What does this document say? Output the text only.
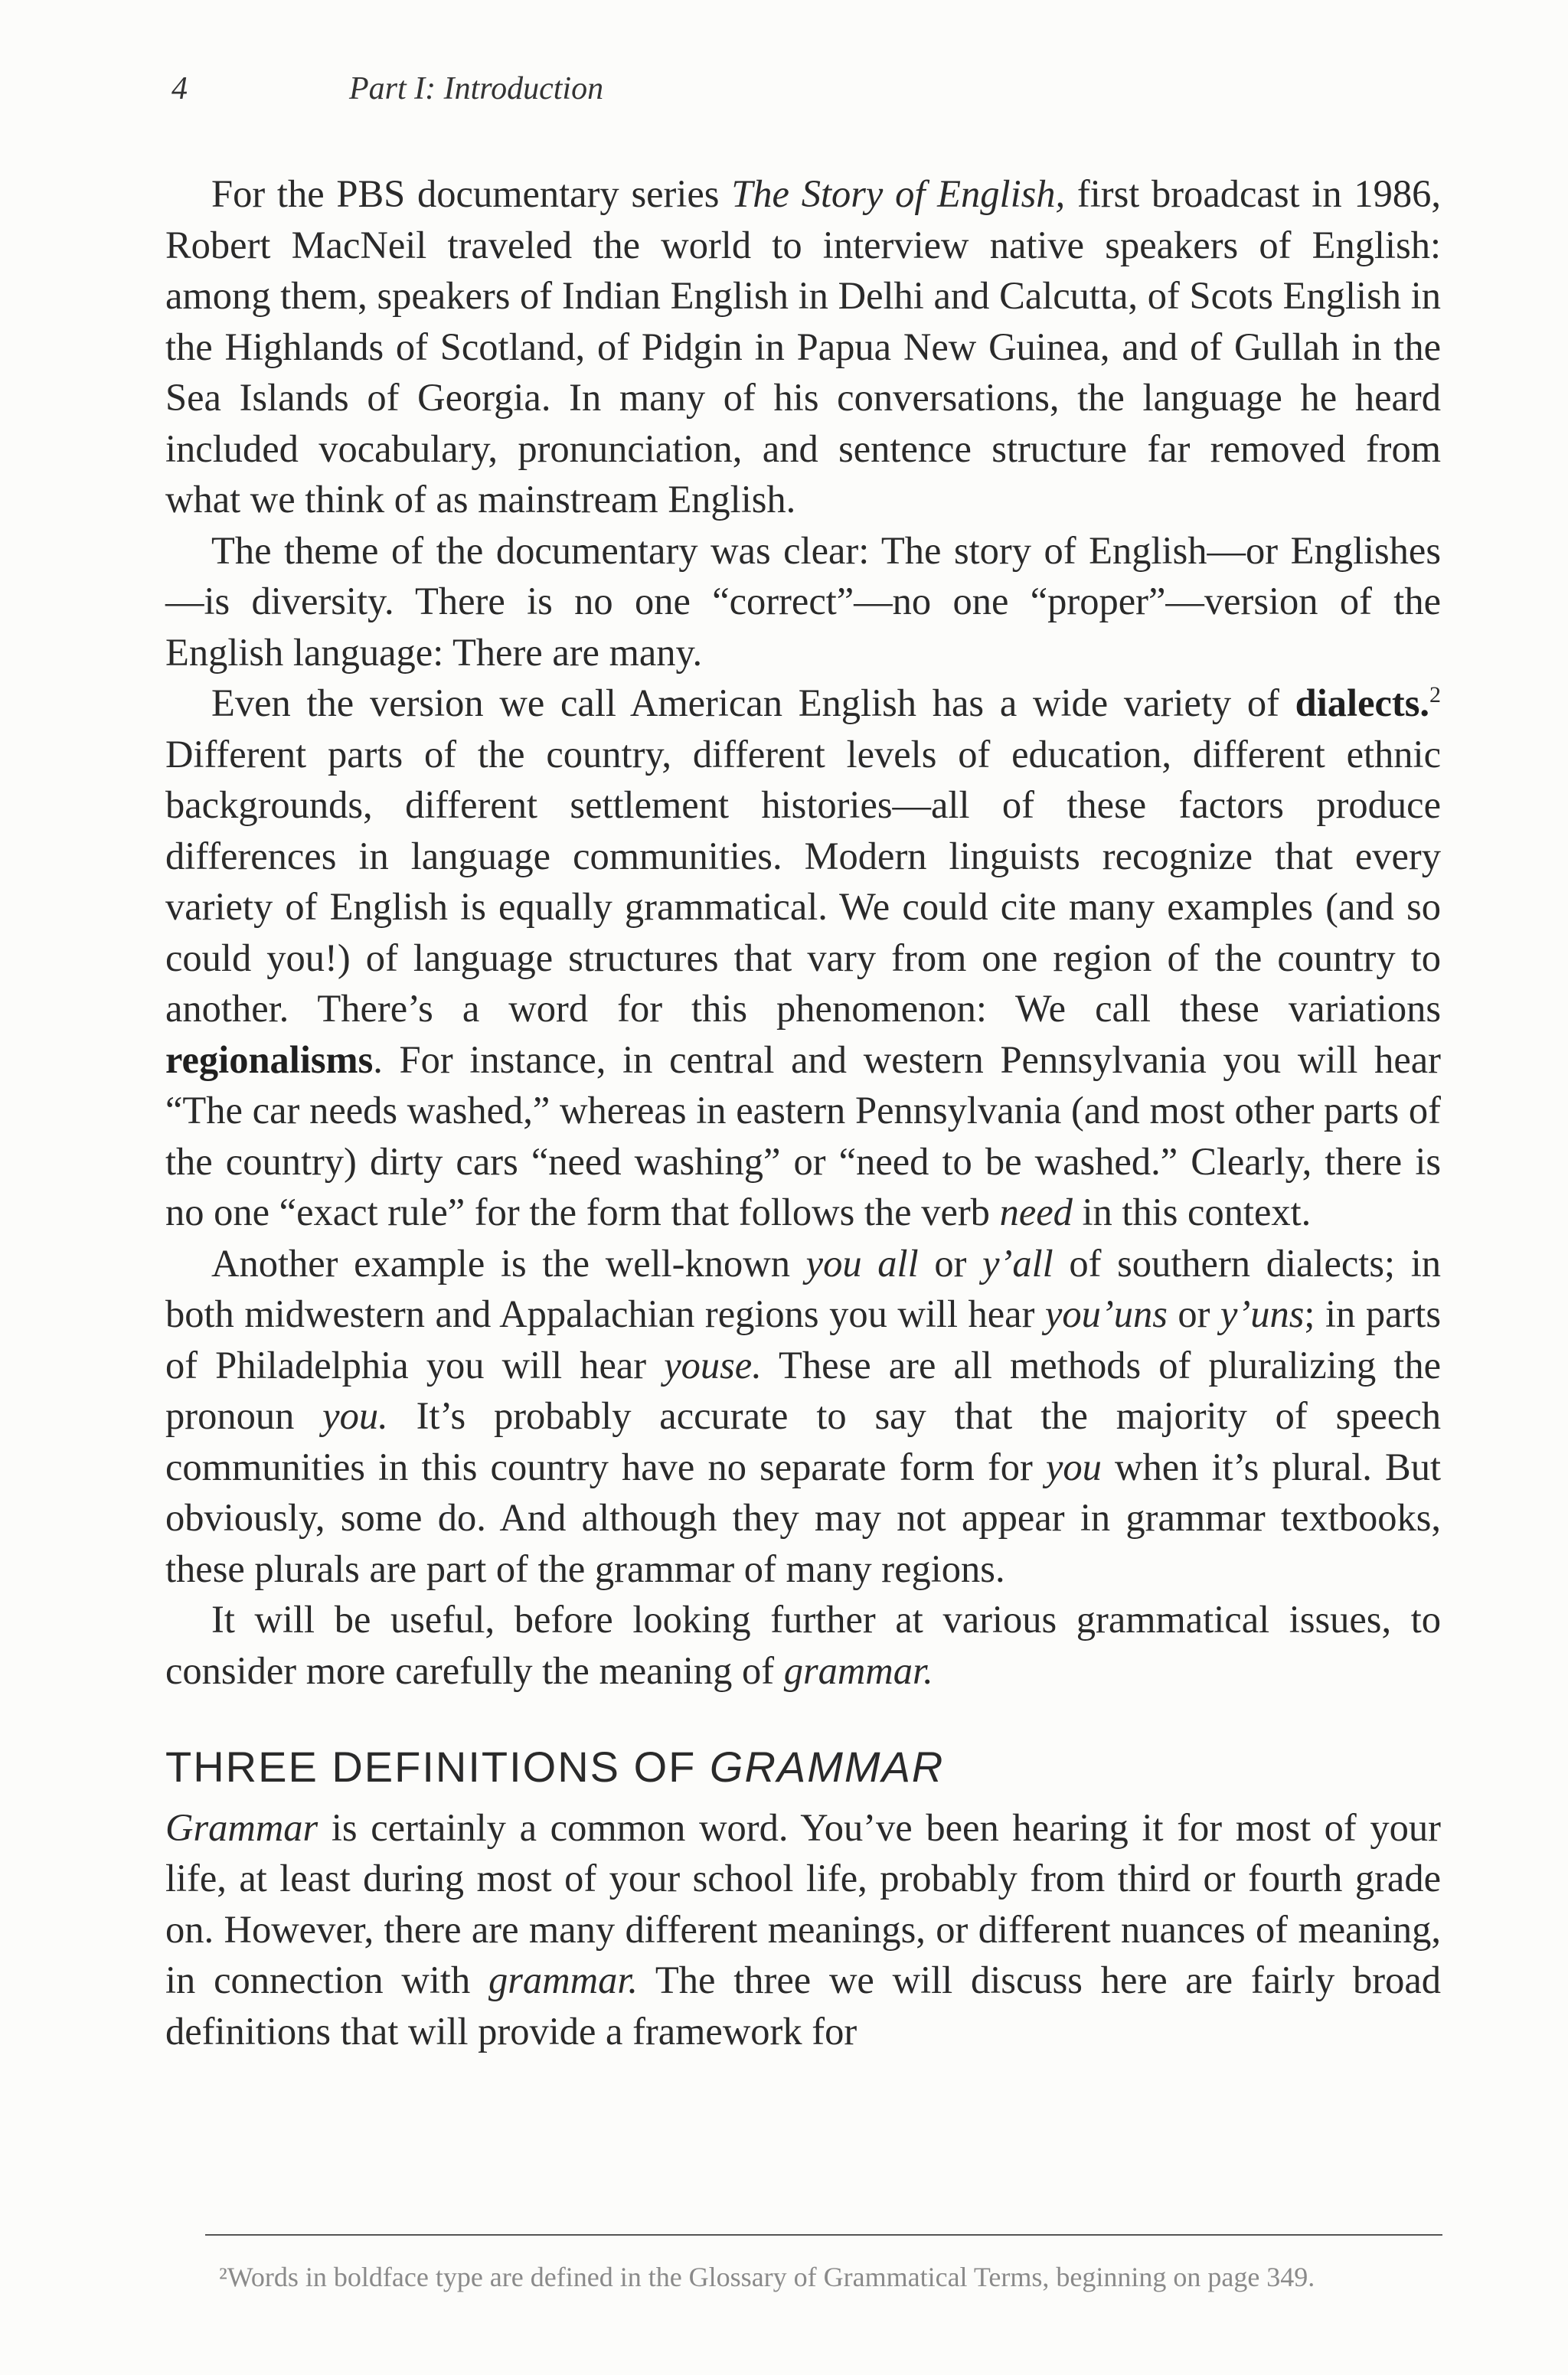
4	Part I: Introduction

For the PBS documentary series The Story of English, first broadcast in 1986, Robert MacNeil traveled the world to interview native speakers of English: among them, speakers of Indian English in Delhi and Calcutta, of Scots English in the Highlands of Scotland, of Pidgin in Papua New Guinea, and of Gullah in the Sea Islands of Georgia. In many of his conversations, the language he heard included vocabulary, pronunciation, and sentence structure far removed from what we think of as mainstream English.

The theme of the documentary was clear: The story of English—or Englishes—is diversity. There is no one “correct”—no one “proper”—version of the English language: There are many.

Even the version we call American English has a wide variety of dialects.$^2$ Different parts of the country, different levels of education, different ethnic backgrounds, different settlement histories—all of these factors produce differences in language communities. Modern linguists recognize that every variety of English is equally grammatical. We could cite many examples (and so could you!) of language structures that vary from one region of the country to another. There’s a word for this phenomenon: We call these variations regionalisms. For instance, in central and western Pennsylvania you will hear “The car needs washed,” whereas in eastern Pennsylvania (and most other parts of the country) dirty cars “need washing” or “need to be washed.” Clearly, there is no one “exact rule” for the form that follows the verb need in this context.

Another example is the well-known you all or y’all of southern dialects; in both midwestern and Appalachian regions you will hear you’uns or y’uns; in parts of Philadelphia you will hear youse. These are all methods of pluralizing the pronoun you. It’s probably accurate to say that the majority of speech communities in this country have no separate form for you when it’s plural. But obviously, some do. And although they may not appear in grammar textbooks, these plurals are part of the grammar of many regions.

It will be useful, before looking further at various grammatical issues, to consider more carefully the meaning of grammar.

THREE DEFINITIONS OF GRAMMAR

Grammar is certainly a common word. You’ve been hearing it for most of your life, at least during most of your school life, probably from third or fourth grade on. However, there are many different meanings, or different nuances of meaning, in connection with grammar. The three we will discuss here are fairly broad definitions that will provide a framework for

²Words in boldface type are defined in the Glossary of Grammatical Terms, beginning on page 349.
